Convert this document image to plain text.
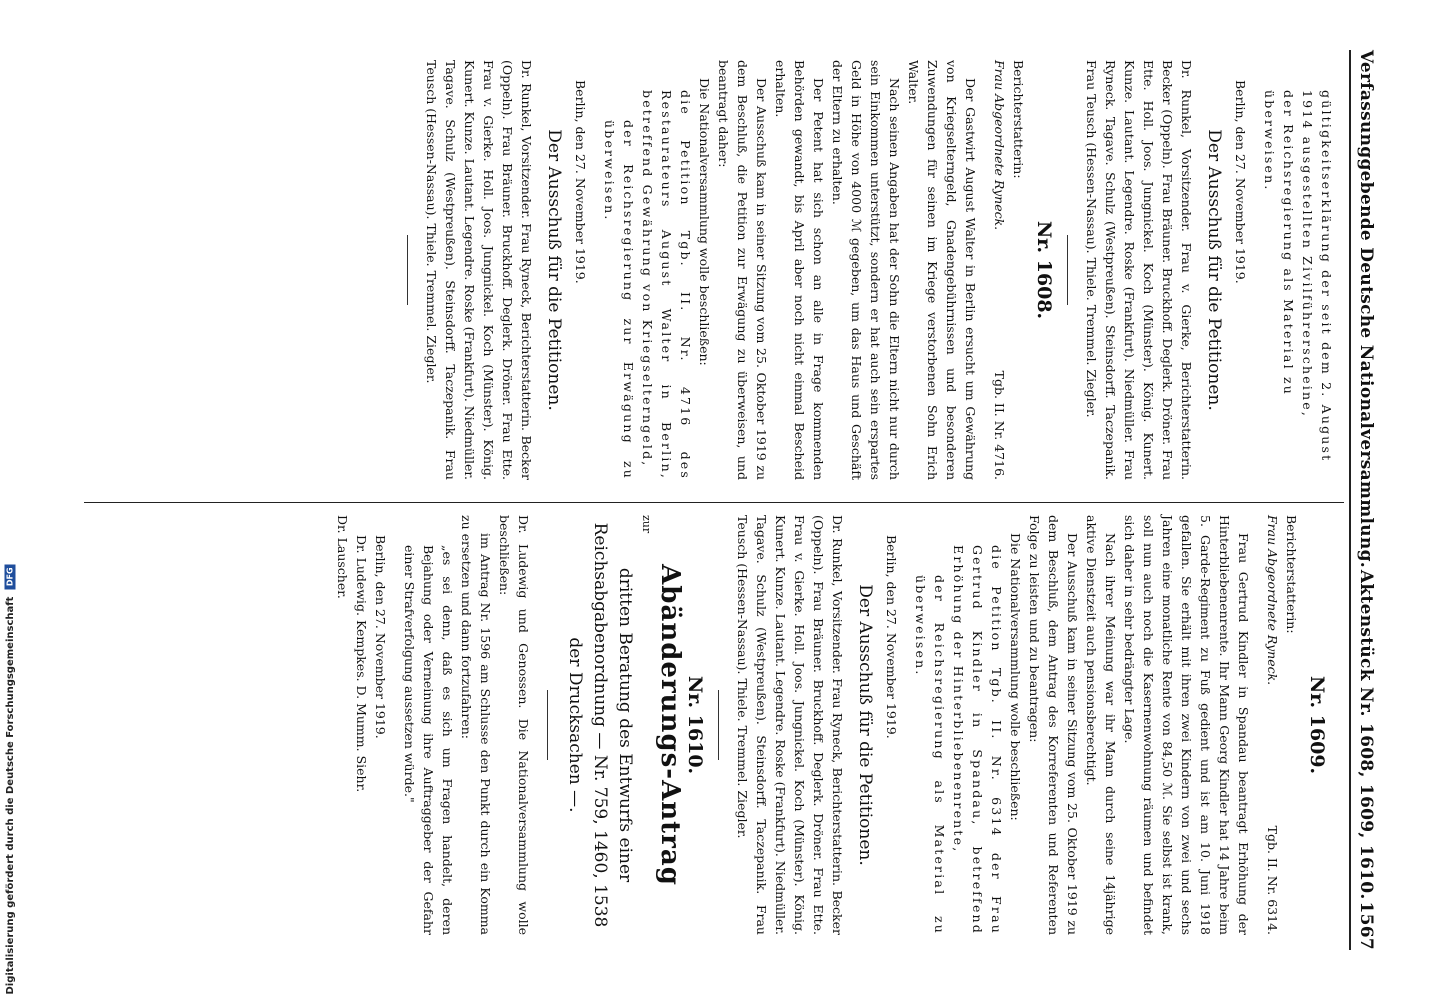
Verfassunggebende Deutsche Nationalversammlung.
Aktenstück Nr. 1608, 1609, 1610.
1567

gültigkeitserklärung der seit dem 2. August

1914 ausgestellten Zivilführerscheine,

der Reichsregierung als Material zu

überweisen.

Berlin, den 27. November 1919.

Der Ausschuß für die Petitionen.

Dr. Runkel, Vorsitzender. Frau v. Gierke, Berichterstatterin. Becker (Oppeln). Frau Bräuner. Bruckhoff. Deglerk. Dröner. Frau Ette. Holl. Joos. Jungnickel. Koch (Münster). König. Kunert. Kunze. Lautant. Legendre. Roske (Frankfurt). Niedmüller. Frau Ryneck. Tagave. Schulz (Westpreußen). Steinsdorff. Taczepanik. Frau Teusch (Hessen-Nassau). Thiele. Tremmel. Ziegler.

Nr. 1608.

Berichterstatterin:

Frau Abgeordnete Ryneck.
Tgb. II. Nr. 4716.

Der Gastwirt August Walter in Berlin ersucht um Gewährung von Kriegselterngeld, Gnadengebührnissen und besonderen Zuwendungen für seinen im Kriege verstorbenen Sohn Erich Walter.

Nach seinen Angaben hat der Sohn die Eltern nicht nur durch sein Einkommen unterstützt, sondern er hat auch sein erspartes Geld in Höhe von 4000 ℳ gegeben, um das Haus und Geschäft der Eltern zu erhalten.

Der Petent hat sich schon an alle in Frage kommenden Behörden gewandt, bis April aber noch nicht einmal Bescheid erhalten.

Der Ausschuß kam in seiner Sitzung vom 25. Oktober 1919 zu dem Beschluß, die Petition zur Erwägung zu überweisen, und beantragt daher:

Die Nationalversammlung wolle beschließen:

die Petition Tgb. II. Nr. 4716 des Restaurateurs August Walter in Berlin, betreffend Gewährung von Kriegselterngeld,

der Reichsregierung zur Erwägung zu überweisen.

Berlin, den 27. November 1919.

Der Ausschuß für die Petitionen.

Dr. Runkel, Vorsitzender. Frau Ryneck, Berichterstatterin. Becker (Oppeln). Frau Bräuner. Bruckhoff. Deglerk. Dröner. Frau Ette. Frau v. Gierke. Holl. Joos. Jungnickel. Koch (Münster). König. Kunert. Kunze. Lautant. Legendre. Roske (Frankfurt). Niedmüller. Tagave. Schulz (Westpreußen). Steinsdorff. Taczepanik. Frau Teusch (Hessen-Nassau). Thiele. Tremmel. Ziegler.

Nr. 1609.

Berichterstatterin:

Frau Abgeordnete Ryneck.
Tgb. II. Nr. 6314.

Frau Gertrud Kindler in Spandau beantragt Erhöhung der Hinterbliebenenrente. Ihr Mann Georg Kindler hat 14 Jahre beim 5. Garde-Regiment zu Fuß gedient und ist am 10. Juni 1918 gefallen. Sie erhält mit ihren zwei Kindern von zwei und sechs Jahren eine monatliche Rente von 84,50 ℳ. Sie selbst ist krank, soll nun auch noch die Kasernenwohnung räumen und befindet sich daher in sehr bedrängter Lage.

Nach ihrer Meinung war ihr Mann durch seine 14jährige aktive Dienstzeit auch pensionsberechtigt.

Der Ausschuß kam in seiner Sitzung vom 25. Oktober 1919 zu dem Beschluß, dem Antrag des Korreferenten und Referenten Folge zu leisten und zu beantragen:

Die Nationalversammlung wolle beschließen:

die Petition Tgb. II. Nr. 6314 der Frau Gertrud Kindler in Spandau, betreffend Erhöhung der Hinterbliebenenrente,

der Reichsregierung als Material zu überweisen.

Berlin, den 27. November 1919.

Der Ausschuß für die Petitionen.

Dr. Runkel, Vorsitzender. Frau Ryneck, Berichterstatterin. Becker (Oppeln). Frau Bräuner. Bruckhoff. Deglerk. Dröner. Frau Ette. Frau v. Gierke. Holl. Joos. Jungnickel. Koch (Münster). König. Kunert. Kunze. Lautant. Legendre. Roske (Frankfurt). Niedmüller. Tagave. Schulz (Westpreußen). Steinsdorff. Taczepanik. Frau Teusch (Hessen-Nassau). Thiele. Tremmel. Ziegler.

Nr. 1610.
Abänderungs-Antrag

zur

dritten Beratung des Entwurfs einer Reichsabgabenordnung — Nr. 759, 1460, 1538 der Drucksachen —.

Dr. Ludewig und Genossen. Die Nationalversammlung wolle beschließen:

im Antrag Nr. 1596 am Schlusse den Punkt durch ein Komma zu ersetzen und dann fortzufahren:

„es sei denn, daß es sich um Fragen handelt, deren Bejahung oder Verneinung ihre Auftraggeber der Gefahr einer Strafverfolgung aussetzen würde."

Berlin, den 27. November 1919.

Dr. Ludewig. Kempkes. D. Mumm. Siehr.

Dr. Lauscher.

Digitalisierung gefördert durch die Deutsche Forschungsgemeinschaft DFG
